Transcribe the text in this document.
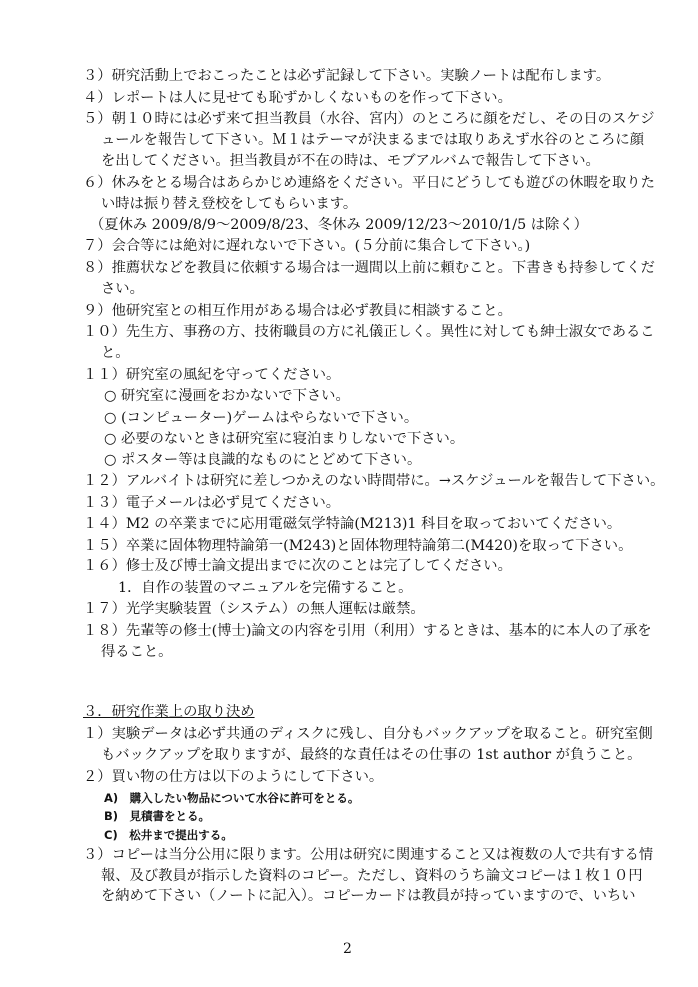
３）研究活動上でおこったことは必ず記録して下さい。実験ノートは配布します。
４）レポートは人に見せても恥ずかしくないものを作って下さい。
５）朝１０時には必ず来て担当教員（水谷、宮内）のところに顔をだし、その日のスケジ
ュールを報告して下さい。Ｍ１はテーマが決まるまでは取りあえず水谷のところに顔
を出してください。担当教員が不在の時は、モブアルバムで報告して下さい。
６）休みをとる場合はあらかじめ連絡をください。平日にどうしても遊びの休暇を取りた
い時は振り替え登校をしてもらいます。
（夏休み 2009/8/9〜2009/8/23、冬休み 2009/12/23〜2010/1/5 は除く）
７）会合等には絶対に遅れないで下さい。(５分前に集合して下さい。)
８）推薦状などを教員に依頼する場合は一週間以上前に頼むこと。下書きも持参してくだ
さい。
９）他研究室との相互作用がある場合は必ず教員に相談すること。
１０）先生方、事務の方、技術職員の方に礼儀正しく。異性に対しても紳士淑女であるこ
と。
１１）研究室の風紀を守ってください。
○ 研究室に漫画をおかないで下さい。
○ (コンピューター)ゲームはやらないで下さい。
○ 必要のないときは研究室に寝泊まりしないで下さい。
○ ポスター等は良識的なものにとどめて下さい。
１２）アルバイトは研究に差しつかえのない時間帯に。→スケジュールを報告して下さい。
１３）電子メールは必ず見てください。
１４）M2 の卒業までに応用電磁気学特論(M213)1 科目を取っておいてください。
１５）卒業に固体物理特論第一(M243)と固体物理特論第二(M420)を取って下さい。
１６）修士及び博士論文提出までに次のことは完了してください。
1．自作の装置のマニュアルを完備すること。
１７）光学実験装置（システム）の無人運転は厳禁。
１８）先輩等の修士(博士)論文の内容を引用（利用）するときは、基本的に本人の了承を
得ること。
３．研究作業上の取り決め
１）実験データは必ず共通のディスクに残し、自分もバックアップを取ること。研究室側
もバックアップを取りますが、最終的な責任はその仕事の 1st author が負うこと。
２）買い物の仕方は以下のようにして下さい。
A)　購入したい物品について水谷に許可をとる。
B)　見積書をとる。
C)　松井まで提出する。
３）コピーは当分公用に限ります。公用は研究に関連すること又は複数の人で共有する情
報、及び教員が指示した資料のコピー。ただし、資料のうち論文コピーは１枚１０円
を納めて下さい（ノートに記入）。コピーカードは教員が持っていますので、いちい
2
